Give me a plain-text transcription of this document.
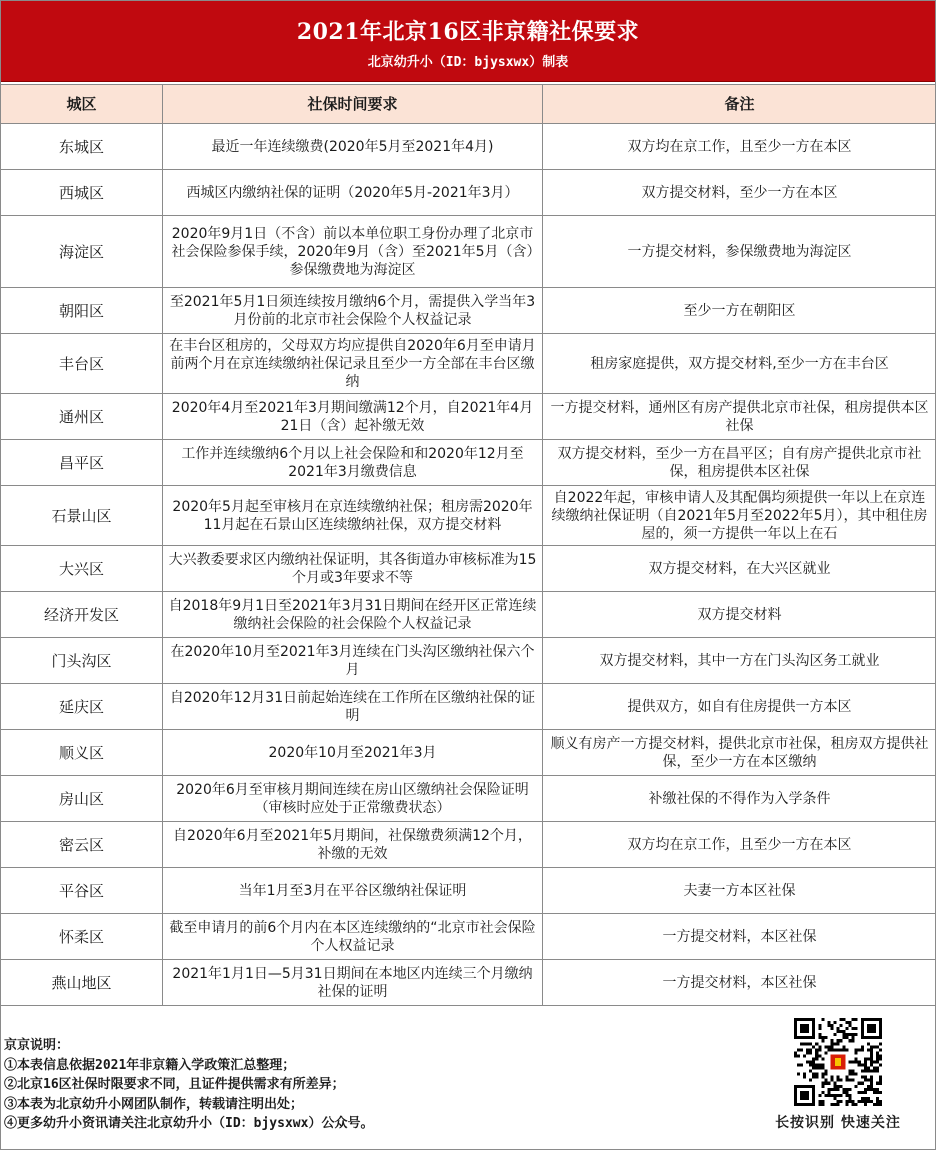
2021年北京16区非京籍社保要求
北京幼升小（ID：bjysxwx）制表
城区	社保时间要求	备注
东城区	最近一年连续缴费(2020年5月至2021年4月)	双方均在京工作，且至少一方在本区
西城区	西城区内缴纳社保的证明（2020年5月-2021年3月）	双方提交材料，至少一方在本区
海淀区	2020年9月1日（不含）前以本单位职工身份办理了北京市社会保险参保手续，2020年9月（含）至2021年5月（含）参保缴费地为海淀区	一方提交材料，参保缴费地为海淀区
朝阳区	至2021年5月1日须连续按月缴纳6个月，需提供入学当年3月份前的北京市社会保险个人权益记录	至少一方在朝阳区
丰台区	在丰台区租房的，父母双方均应提供自2020年6月至申请月前两个月在京连续缴纳社保记录且至少一方全部在丰台区缴纳	租房家庭提供，双方提交材料,至少一方在丰台区
通州区	2020年4月至2021年3月期间缴满12个月，自2021年4月21日（含）起补缴无效	一方提交材料，通州区有房产提供北京市社保，租房提供本区社保
昌平区	工作并连续缴纳6个月以上社会保险和和2020年12月至2021年3月缴费信息	双方提交材料，至少一方在昌平区；自有房产提供北京市社保，租房提供本区社保
石景山区	2020年5月起至审核月在京连续缴纳社保；租房需2020年11月起在石景山区连续缴纳社保，双方提交材料	自2022年起，审核申请人及其配偶均须提供一年以上在京连续缴纳社保证明（自2021年5月至2022年5月），其中租住房屋的，须一方提供一年以上在石
大兴区	大兴教委要求区内缴纳社保证明，其各街道办审核标准为15个月或3年要求不等	双方提交材料，在大兴区就业
经济开发区	自2018年9月1日至2021年3月31日期间在经开区正常连续缴纳社会保险的社会保险个人权益记录	双方提交材料
门头沟区	在2020年10月至2021年3月连续在门头沟区缴纳社保六个月	双方提交材料，其中一方在门头沟区务工就业
延庆区	自2020年12月31日前起始连续在工作所在区缴纳社保的证明	提供双方，如自有住房提供一方本区
顺义区	2020年10月至2021年3月	顺义有房产一方提交材料，提供北京市社保，租房双方提供社保，至少一方在本区缴纳
房山区	2020年6月至审核月期间连续在房山区缴纳社会保险证明（审核时应处于正常缴费状态）	补缴社保的不得作为入学条件
密云区	自2020年6月至2021年5月期间，社保缴费须满12个月，补缴的无效	双方均在京工作，且至少一方在本区
平谷区	当年1月至3月在平谷区缴纳社保证明	夫妻一方本区社保
怀柔区	截至申请月的前6个月内在本区连续缴纳的“北京市社会保险个人权益记录	一方提交材料，本区社保
燕山地区	2021年1月1日—5月31日期间在本地区内连续三个月缴纳社保的证明	一方提交材料，本区社保
京京说明：
①本表信息依据2021年非京籍入学政策汇总整理；
②北京16区社保时限要求不同，且证件提供需求有所差异；
③本表为北京幼升小网团队制作，转载请注明出处；
④更多幼升小资讯请关注北京幼升小（ID：bjysxwx）公众号。	长按识别 快速关注
